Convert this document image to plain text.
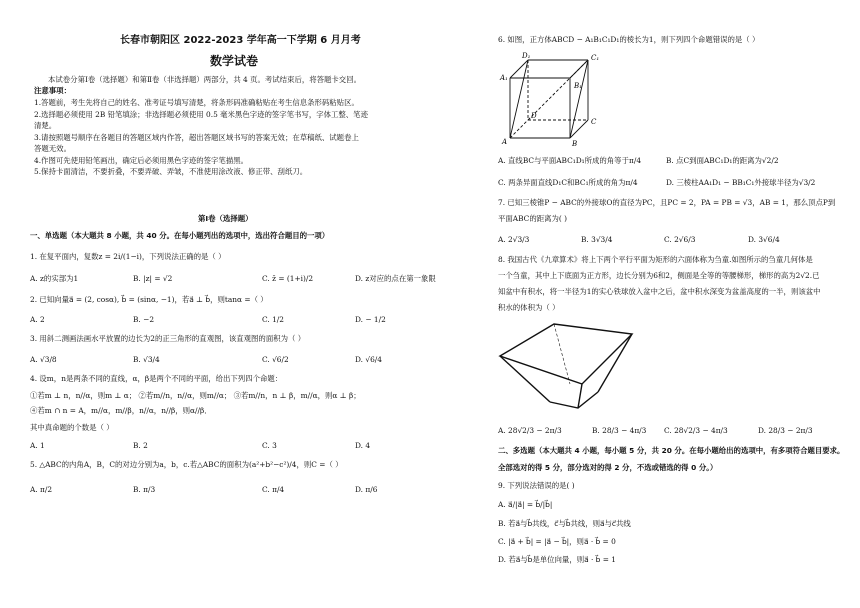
长春市朝阳区 2022-2023 学年高一下学期 6 月月考
数学试卷
本试卷分第Ⅰ卷（选择题）和第Ⅱ卷（非选择题）两部分，共 4 页。考试结束后，将答题卡交回。
注意事项：
1.答题前，考生先将自己的姓名、准考证号填写清楚，将条形码准确粘贴在考生信息条形码粘贴区。
2.选择题必须使用 2B 铅笔填涂；非选择题必须使用 0.5 毫米黑色字迹的签字笔书写，字体工整、笔迹
清楚。
3.请按照题号顺序在各题目的答题区域内作答，超出答题区域书写的答案无效；在草稿纸、试题卷上
答题无效。
4.作图可先使用铅笔画出，确定后必须用黑色字迹的签字笔描黑。
5.保持卡面清洁，不要折叠，不要弄破、弄皱，不准使用涂改液、修正带、刮纸刀。
第Ⅰ卷（选择题）
一、单选题（本大题共 8 小题，共 40 分。在每小题列出的选项中，选出符合题目的一项）
1. 在复平面内，复数z = 2i/(1−i)，下列说法正确的是（ ）
A. z的实部为1	B. |z| = √2	C. z̄ = (1+i)/2	D. z对应的点在第一象限
2. 已知向量a⃗ = (2, cosα), b⃗ = (sinα, −1)，若a⃗ ⊥ b⃗，则tanα =（ ）
A. 2	B. −2	C. 1/2	D. − 1/2
3. 用斜二测画法画水平放置的边长为2的正三角形的直观图，该直观图的面积为（ ）
A. √3/8	B. √3/4	C. √6/2	D. √6/4
4. 设m，n是两条不同的直线，α，β是两个不同的平面，给出下列四个命题：
①若m ⊥ n，n//α，则m ⊥ α； ②若m//n，n//α，则m//α； ③若m//n，n ⊥ β，m//α，则α ⊥ β；
④若m ∩ n = A，m//α，m//β，n//α，n//β，则α//β．
其中真命题的个数是（ ）
A. 1	B. 2	C. 3	D. 4
5. △ABC的内角A，B，C的对边分别为a，b，c.若△ABC的面积为(a²+b²−c²)/4，则C =（ ）
A. π/2	B. π/3	C. π/4	D. π/6
6. 如图，正方体ABCD − A₁B₁C₁D₁的棱长为1，则下列四个命题错误的是（ ）
D₁	C₁
A₁
B₁
D
C
A	B
A. 直线BC与平面ABC₁D₁所成的角等于π/4	B. 点C到面ABC₁D₁的距离为√2/2
C. 两条异面直线D₁C和BC₁所成的角为π/4	D. 三棱柱AA₁D₁ − BB₁C₁外接球半径为√3/2
7. 已知三棱锥P − ABC的外接球O的直径为PC，且PC = 2，PA = PB = √3，AB = 1，那么顶点P到
平面ABC的距离为( )
A. 2√3/3	B. 3√3/4	C. 2√6/3	D. 3√6/4
8. 我国古代《九章算术》将上下两个平行平面为矩形的六面体称为刍童.如图所示的刍童几何体是
一个刍童，其中上下底面为正方形，边长分别为6和2，侧面是全等的等腰梯形，梯形的高为2√2.已
知盆中有积水，将一半径为1的实心铁球放入盆中之后，盆中积水深变为盆盖高度的一半，则该盆中
积水的体积为（ ）
A. 28√2/3 − 2π/3	B. 28/3 − 4π/3 C. 28√2/3 − 4π/3	D. 28/3 − 2π/3
二、多选题（本大题共 4 小题，每小题 5 分，共 20 分。在每小题给出的选项中，有多项符合题目要求。
全部选对的得 5 分，部分选对的得 2 分，不选或错选的得 0 分。）
9. 下列说法错误的是( )
A. a⃗/|a⃗| = b⃗/|b⃗|
B. 若a⃗与b⃗共线，c⃗与b⃗共线，则a⃗与c⃗共线
C. |a⃗ + b⃗| = |a⃗ − b⃗|，则a⃗ · b⃗ = 0
D. 若a⃗与b⃗是单位向量，则a⃗ · b⃗ = 1
